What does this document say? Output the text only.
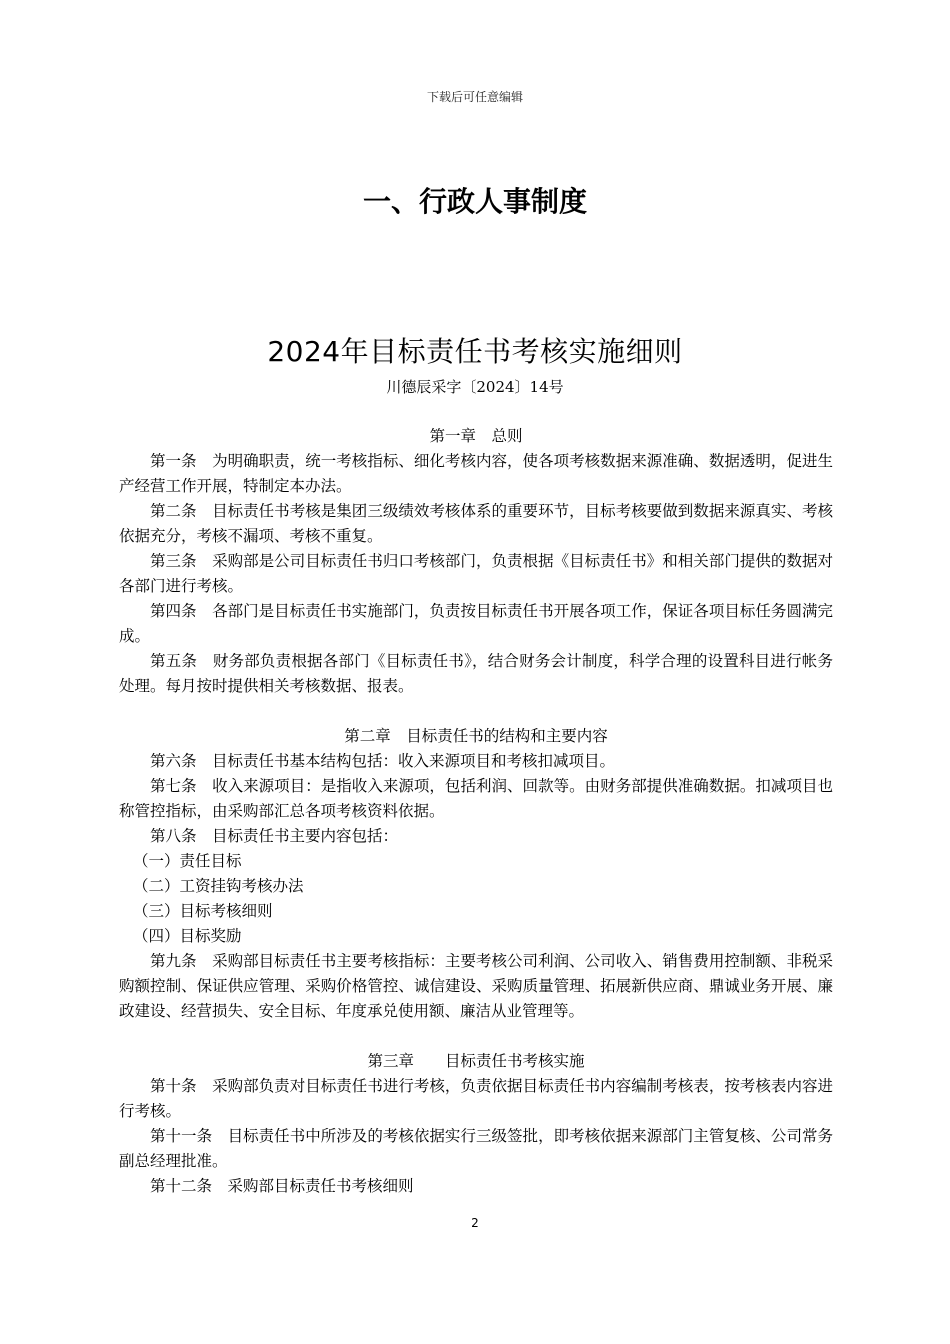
下载后可任意编辑
一、行政人事制度
2024年目标责任书考核实施细则
川德辰采字〔2024〕14号

第一章　总则

第一条　为明确职责，统一考核指标、细化考核内容，使各项考核数据来源准确、数据透明，促进生产经营工作开展，特制定本办法。

第二条　目标责任书考核是集团三级绩效考核体系的重要环节，目标考核要做到数据来源真实、考核依据充分，考核不漏项、考核不重复。

第三条　采购部是公司目标责任书归口考核部门，负责根据《目标责任书》和相关部门提供的数据对各部门进行考核。

第四条　各部门是目标责任书实施部门，负责按目标责任书开展各项工作，保证各项目标任务圆满完成。

第五条　财务部负责根据各部门《目标责任书》，结合财务会计制度，科学合理的设置科目进行帐务处理。每月按时提供相关考核数据、报表。

第二章　目标责任书的结构和主要内容

第六条　目标责任书基本结构包括：收入来源项目和考核扣减项目。

第七条　收入来源项目：是指收入来源项，包括利润、回款等。由财务部提供准确数据。扣减项目也称管控指标，由采购部汇总各项考核资料依据。

第八条　目标责任书主要内容包括：

（一）责任目标

（二）工资挂钩考核办法

（三）目标考核细则

（四）目标奖励

第九条　采购部目标责任书主要考核指标：主要考核公司利润、公司收入、销售费用控制额、非税采购额控制、保证供应管理、采购价格管控、诚信建设、采购质量管理、拓展新供应商、鼎诚业务开展、廉政建设、经营损失、安全目标、年度承兑使用额、廉洁从业管理等。

第三章　　目标责任书考核实施

第十条　采购部负责对目标责任书进行考核，负责依据目标责任书内容编制考核表，按考核表内容进行考核。

第十一条　目标责任书中所涉及的考核依据实行三级签批，即考核依据来源部门主管复核、公司常务副总经理批准。

第十二条　采购部目标责任书考核细则

2
